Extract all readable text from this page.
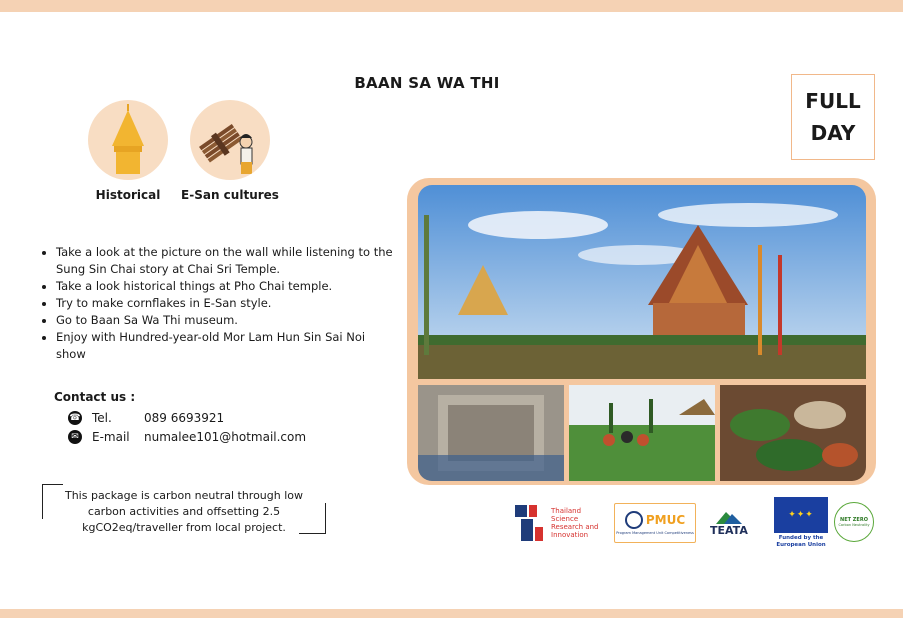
BAAN SA WA THI
FULL
DAY
Historical	E-San cultures
• Take a look at the picture on the wall while listening to the Sung Sin Chai story at Chai Sri Temple.
• Take a look historical things at Pho Chai temple.
• Try to make cornflakes in E-San style.
• Go to Baan Sa Wa Thi museum.
• Enjoy with Hundred-year-old Mor Lam Hun Sin Sai Noi show
Contact us :
☎ Tel.	089 6693921
✉ E-mail	numalee101@hotmail.com
This package is carbon neutral through low carbon activities and offsetting 2.5 kgCO2eq/traveller from local project.
Thailand Science Research and Innovation
PMUC
Program Management Unit Competitiveness TEATA
✦✦✦
Funded by the European Union
NET ZERO
Carbon Neutrality
